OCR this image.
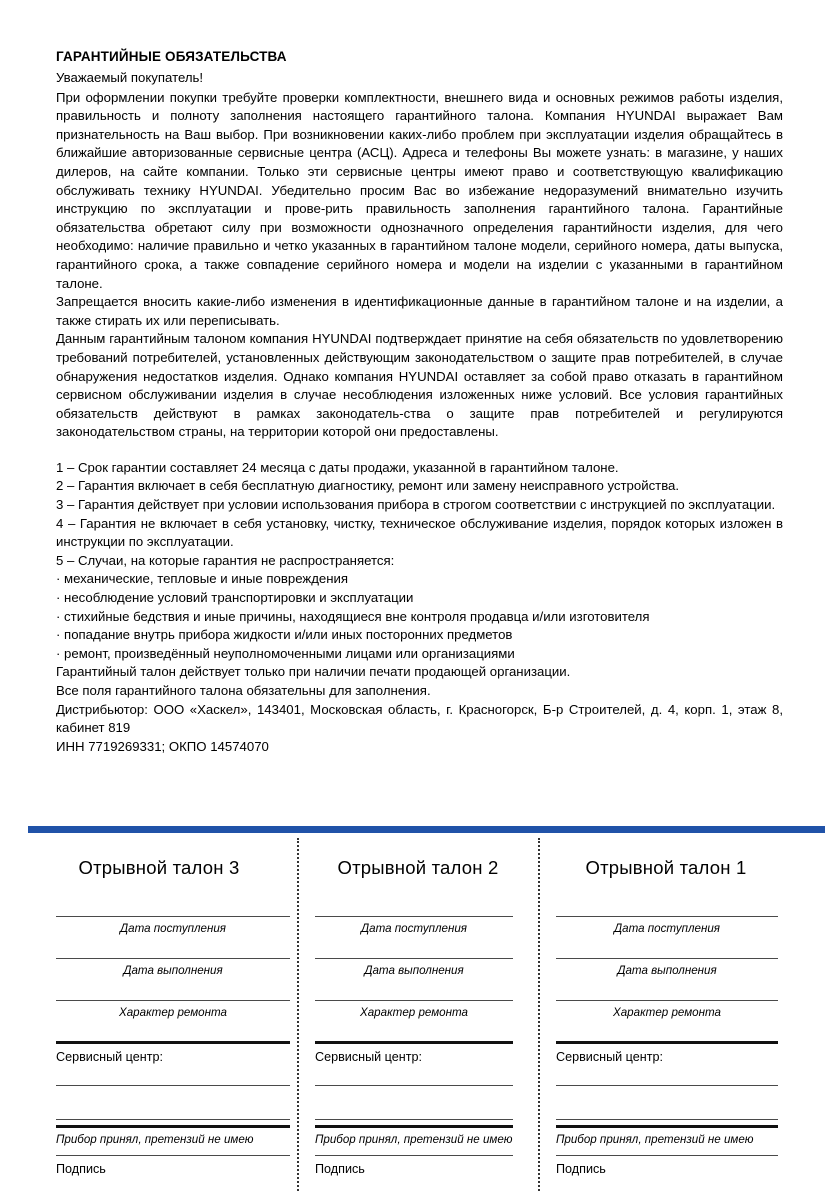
ГАРАНТИЙНЫЕ ОБЯЗАТЕЛЬСТВА
Уважаемый покупатель!

При оформлении покупки требуйте проверки комплектности, внешнего вида и основных режимов работы изделия, правильность и полноту заполнения настоящего гарантийного талона. Компания HYUNDAI выражает Вам признательность на Ваш выбор. При возникновении каких-либо проблем при эксплуатации изделия обращайтесь в ближайшие авторизованные сервисные центра (АСЦ). Адреса и телефоны Вы можете узнать: в магазине, у наших дилеров, на сайте компании. Только эти сервисные центры имеют право и соответствующую квалификацию обслуживать технику HYUNDAI. Убедительно просим Вас во избежание недоразумений внимательно изучить инструкцию по эксплуатации и прове-рить правильность заполнения гарантийного талона. Гарантийные обязательства обретают силу при возможности однозначного определения гарантийности изделия, для чего необходимо: наличие правильно и четко указанных в гарантийном талоне модели, серийного номера, даты выпуска, гарантийного срока, а также совпадение серийного номера и модели на изделии с указанными в гарантийном талоне.

Запрещается вносить какие-либо изменения в идентификационные данные в гарантийном талоне и на изделии, а также стирать их или переписывать.

Данным гарантийным талоном компания HYUNDAI подтверждает принятие на себя обязательств по удовлетворению требований потребителей, установленных действующим законодательством о защите прав потребителей, в случае обнаружения недостатков изделия. Однако компания HYUNDAI оставляет за собой право отказать в гарантийном сервисном обслуживании изделия в случае несоблюдения изложенных ниже условий. Все условия гарантийных обязательств действуют в рамках законодатель-ства о защите прав потребителей и регулируются законодательством страны, на территории которой они предоставлены.

1 – Срок гарантии составляет 24 месяца с даты продажи, указанной в гарантийном талоне.

2 – Гарантия включает в себя бесплатную диагностику, ремонт или замену неисправного устройства.

3 – Гарантия действует при условии использования прибора в строгом соответствии с инструкцией по эксплуатации.

4 – Гарантия не включает в себя установку, чистку, техническое обслуживание изделия, порядок которых изложен в инструкции по эксплуатации.

5 – Случаи, на которые гарантия не распространяется:

· механические, тепловые и иные повреждения

· несоблюдение условий транспортировки и эксплуатации

· стихийные бедствия и иные причины, находящиеся вне контроля продавца и/или изготовителя

· попадание внутрь прибора жидкости и/или иных посторонних предметов

· ремонт, произведённый неуполномоченными лицами или организациями

Гарантийный талон действует только при наличии печати продающей организации.

Все поля гарантийного талона обязательны для заполнения.

Дистрибьютор: ООО «Хаскел», 143401, Московская область, г. Красногорск, Б-р Строителей, д. 4, корп. 1, этаж 8, кабинет 819

ИНН 7719269331; ОКПО 14574070

Отрывной талон 3
Дата поступления
Дата выполнения
Характер ремонта
Сервисный центр:
Прибор принял, претензий не имею
Подпись
Отрывной талон 2
Дата поступления
Дата выполнения
Характер ремонта
Сервисный центр:
Прибор принял, претензий не имею
Подпись
Отрывной талон 1
Дата поступления
Дата выполнения
Характер ремонта
Сервисный центр:
Прибор принял, претензий не имею
Подпись
